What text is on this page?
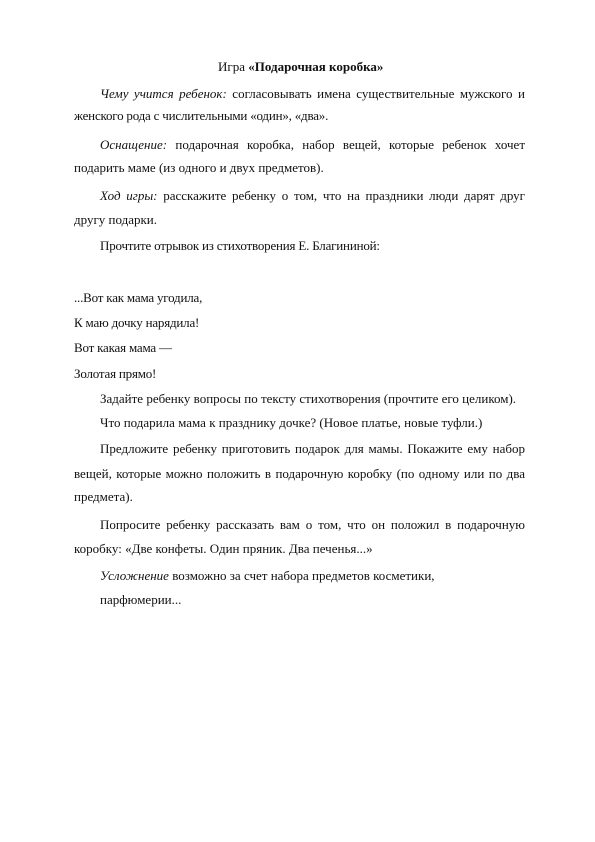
Игра «Подарочная коробка»
Чему учится ребенок: согласовывать имена существительные мужского и
женского рода с числительными «один», «два».
Оснащение: подарочная коробка, набор вещей, которые ребенок хочет
подарить маме (из одного и двух предметов).
Ход игры: расскажите ребенку о том, что на праздники люди дарят друг
другу подарки.
Прочтите отрывок из стихотворения Е. Благининой:
...Вот как мама угодила,
К маю дочку нарядила!
Вот какая мама —
Золотая прямо!
Задайте ребенку вопросы по тексту стихотворения (прочтите его целиком).
Что подарила мама к празднику дочке? (Новое платье, новые туфли.)
Предложите ребенку приготовить подарок для мамы. Покажите ему набор
вещей, которые можно положить в подарочную коробку (по одному или по два
предмета).
Попросите ребенку рассказать вам о том, что он положил в подарочную
коробку: «Две конфеты. Один пряник. Два печенья...»
Усложнение возможно за счет набора предметов косметики,
парфюмерии...
